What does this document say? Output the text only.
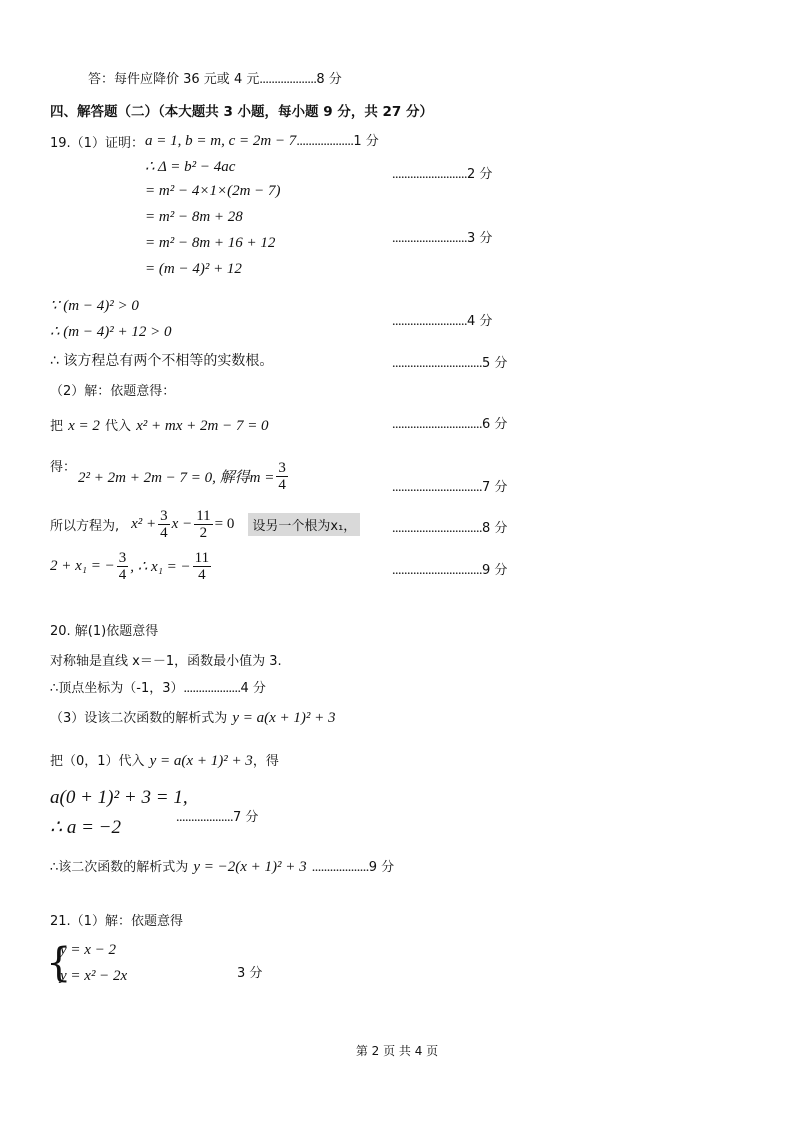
答：每件应降价 36 元或 4 元...................8 分
四、解答题（二）（本大题共 3 小题，每小题 9 分，共 27 分）
19.（1）证明： a = 1, b = m, c = 2m − 7...................1 分
∴ Δ = b² − 4ac
= m² − 4×1×(2m − 7)
= m² − 8m + 28
= m² − 8m + 16 + 12
= (m − 4)² + 12
.........................2 分
.........................3 分
∵ (m − 4)² > 0
∴ (m − 4)² + 12 > 0
.........................4 分
∴ 该方程总有两个不相等的实数根。	..............................5 分
（2）解：依题意得：
把 x = 2 代入 x² + mx + 2m − 7 = 0	..............................6 分
得：
2² + 2m + 2m − 7 = 0, 解得$m = \frac{3}{4}$	..............................7 分
所以方程为, $x^2 + \frac{3}{4}$ $x - \frac{11}{2} = 0$	设另一个根为x₁，	..............................8 分
2 + x₁ = − $\frac{3}{4}$ , ∴ x₁ = − $\frac{11}{4}$	..............................9 分
20. 解(1)依题意得
对称轴是直线 x＝－1，函数最小值为 3.
∴顶点坐标为（-1，3）...................4 分
（3）设该二次函数的解析式为 y = a(x + 1)² + 3
把（0，1）代入 y = a(x + 1)² + 3，得
a(0 + 1)² + 3 = 1,
∴ a = −2	...................7 分
∴该二次函数的解析式为 y = −2(x + 1)² + 3 ...................9 分
21.（1）解：依题意得
{
y = x − 2
y = x² − 2x	3 分
第 2 页 共 4 页
